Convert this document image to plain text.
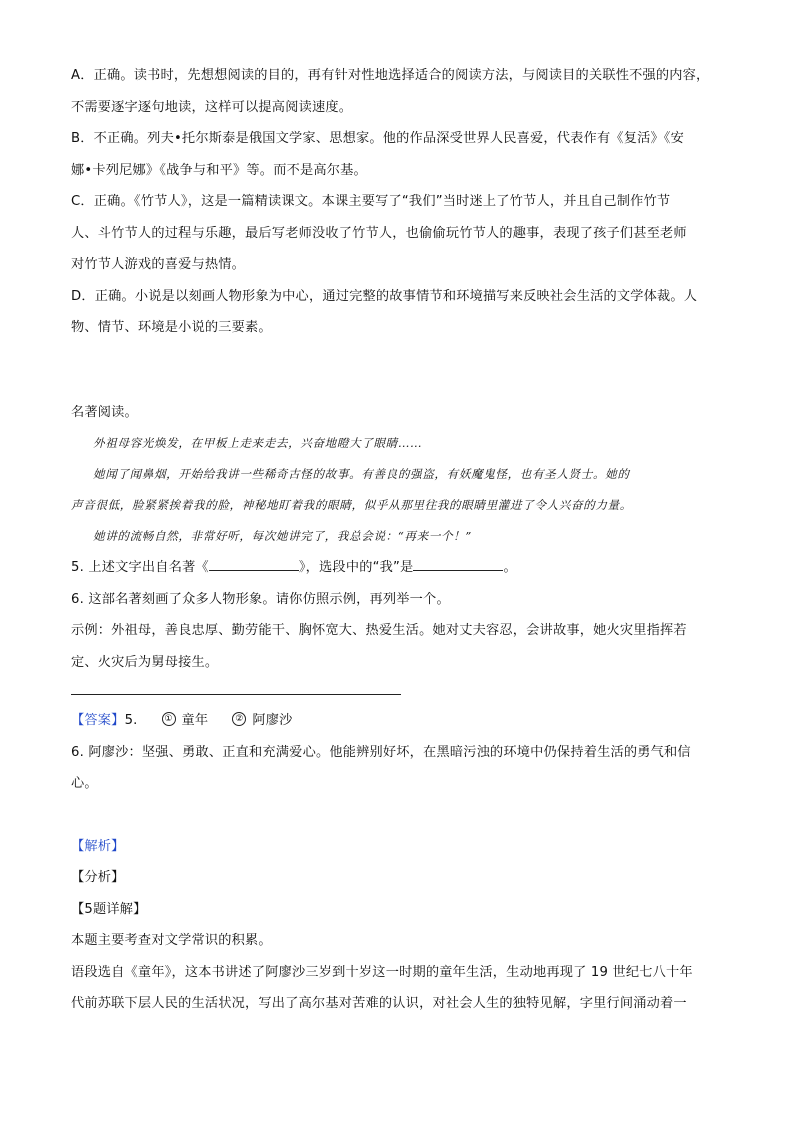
A．正确。读书时，先想想阅读的目的，再有针对性地选择适合的阅读方法，与阅读目的关联性不强的内容，

不需要逐字逐句地读，这样可以提高阅读速度。

B．不正确。列夫•托尔斯泰是俄国文学家、思想家。他的作品深受世界人民喜爱，代表作有《复活》《安

娜•卡列尼娜》《战争与和平》等。而不是高尔基。

C．正确。《竹节人》，这是一篇精读课文。本课主要写了“我们”当时迷上了竹节人，并且自己制作竹节

人、斗竹节人的过程与乐趣，最后写老师没收了竹节人，也偷偷玩竹节人的趣事，表现了孩子们甚至老师

对竹节人游戏的喜爱与热情。

D．正确。小说是以刻画人物形象为中心，通过完整的故事情节和环境描写来反映社会生活的文学体裁。人

物、情节、环境是小说的三要素。

名著阅读。

外祖母容光焕发，在甲板上走来走去，兴奋地瞪大了眼睛……

她闻了闻鼻烟，开始给我讲一些稀奇古怪的故事。有善良的强盗，有妖魔鬼怪，也有圣人贤士。她的

声音很低，脸紧紧挨着我的脸，神秘地盯着我的眼睛，似乎从那里往我的眼睛里灌进了令人兴奋的力量。

她讲的流畅自然，非常好听，每次她讲完了，我总会说：“再来一个！”

5. 上述文字出自名著《	》，选段中的“我”是	。

6. 这部名著刻画了众多人物形象。请你仿照示例，再列举一个。

示例：外祖母，善良忠厚、勤劳能干、胸怀宽大、热爱生活。她对丈夫容忍，会讲故事，她火灾里指挥若

定、火灾后为舅母接生。

【答案】5.	① 童年	② 阿廖沙

6. 阿廖沙：坚强、勇敢、正直和充满爱心。他能辨别好坏，在黑暗污浊的环境中仍保持着生活的勇气和信

心。

【解析】

【分析】

【5题详解】

本题主要考查对文学常识的积累。

语段选自《童年》，这本书讲述了阿廖沙三岁到十岁这一时期的童年生活，生动地再现了 19 世纪七八十年

代前苏联下层人民的生活状况，写出了高尔基对苦难的认识，对社会人生的独特见解，字里行间涌动着一
